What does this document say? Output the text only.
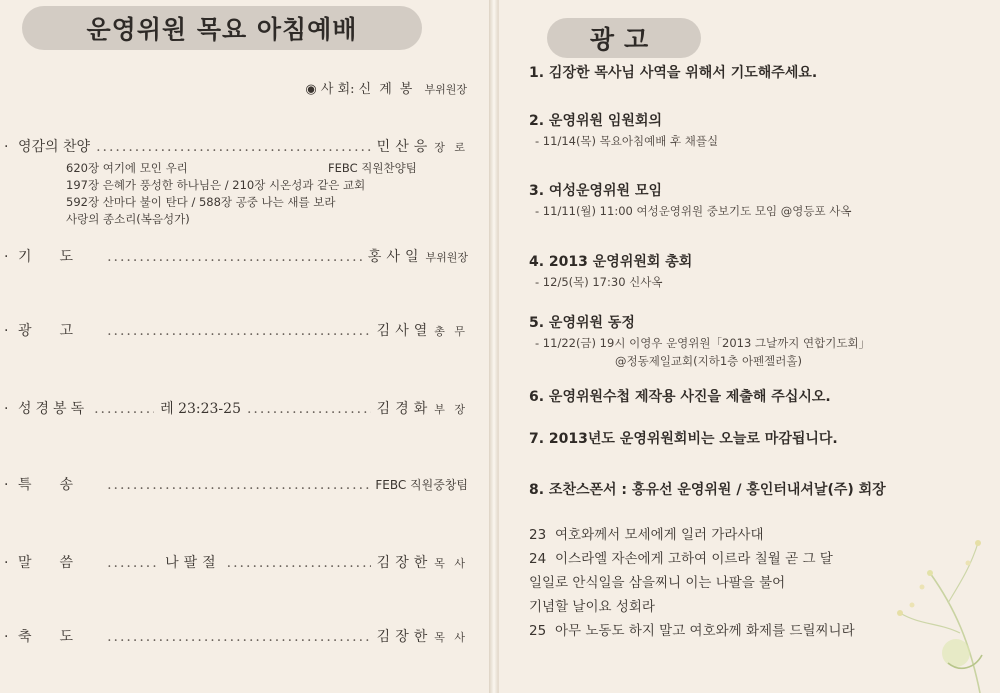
운영위원 목요 아침예배
◉ 사 회: 신계봉 부위원장
· 영감의 찬양 .....	민산응 장 로
620장 여기에 모인 우리
197장 은혜가 풍성한 하나님은 / 210장 시온성과 같은 교회
592장 산마다 불이 탄다 / 588장 공중 나는 새를 보라
사랑의 종소리(복음성가)
FEBC 직원찬양팀
· 기도 .....	홍사일 부위원장
· 광고 .....	김사열 총 무
· 성경봉독 .....	레 23:23-25 .....	김경화 부 장
· 특송 .....	FEBC 직원중창팀
· 말씀 .....	나팔절 .....	김장한 목 사
· 축도 .....	김장한 목 사
광고
1. 김장한 목사님 사역을 위해서 기도해주세요.
2. 운영위원 임원회의
- 11/14(목) 목요아침예배 후 채플실
3. 여성운영위원 모임
- 11/11(월) 11:00 여성운영위원 중보기도 모임 @영등포 사옥
4. 2013 운영위원회 총회
- 12/5(목) 17:30 신사옥
5. 운영위원 동정
- 11/22(금) 19시 이영우 운영위원「2013 그날까지 연합기도회」
@정동제일교회(지하1층 아펜젤러홀)
6. 운영위원수첩 제작용 사진을 제출해 주십시오.
7. 2013년도 운영위원회비는 오늘로 마감됩니다.
8. 조찬스폰서 : 홍유선 운영위원 / 홍인터내셔날(주) 회장
23 여호와께서 모세에게 일러 가라사대
24 이스라엘 자손에게 고하여 이르라 칠월 곧 그 달
일일로 안식일을 삼을찌니 이는 나팔을 불어
기념할 날이요 성회라
25 아무 노동도 하지 말고 여호와께 화제를 드릴찌니라
